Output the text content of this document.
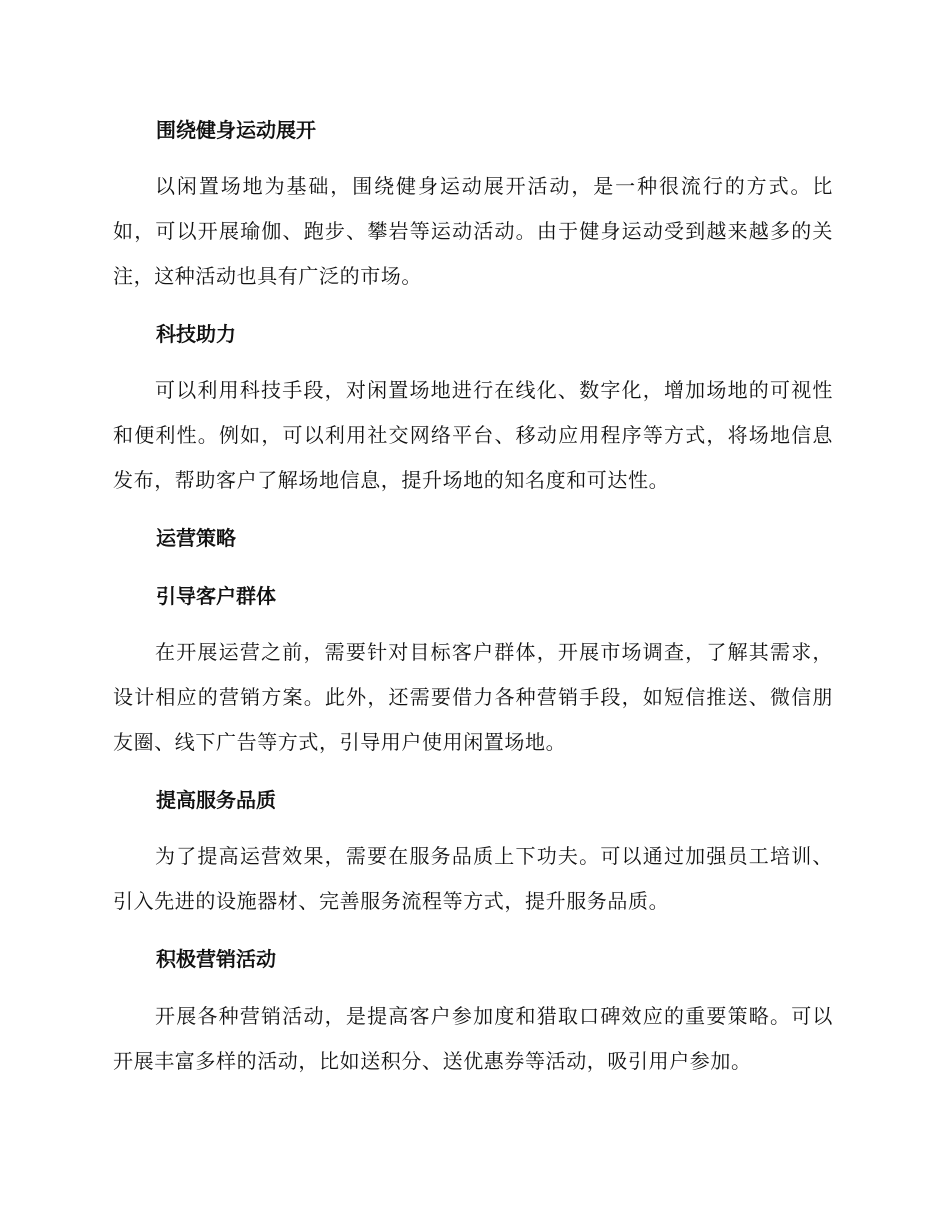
围绕健身运动展开
以闲置场地为基础，围绕健身运动展开活动，是一种很流行的方式。比如，可以开展瑜伽、跑步、攀岩等运动活动。由于健身运动受到越来越多的关注，这种活动也具有广泛的市场。
科技助力
可以利用科技手段，对闲置场地进行在线化、数字化，增加场地的可视性和便利性。例如，可以利用社交网络平台、移动应用程序等方式，将场地信息发布，帮助客户了解场地信息，提升场地的知名度和可达性。
运营策略
引导客户群体
在开展运营之前，需要针对目标客户群体，开展市场调查，了解其需求，设计相应的营销方案。此外，还需要借力各种营销手段，如短信推送、微信朋友圈、线下广告等方式，引导用户使用闲置场地。
提高服务品质
为了提高运营效果，需要在服务品质上下功夫。可以通过加强员工培训、引入先进的设施器材、完善服务流程等方式，提升服务品质。
积极营销活动
开展各种营销活动，是提高客户参加度和猎取口碑效应的重要策略。可以开展丰富多样的活动，比如送积分、送优惠券等活动，吸引用户参加。
